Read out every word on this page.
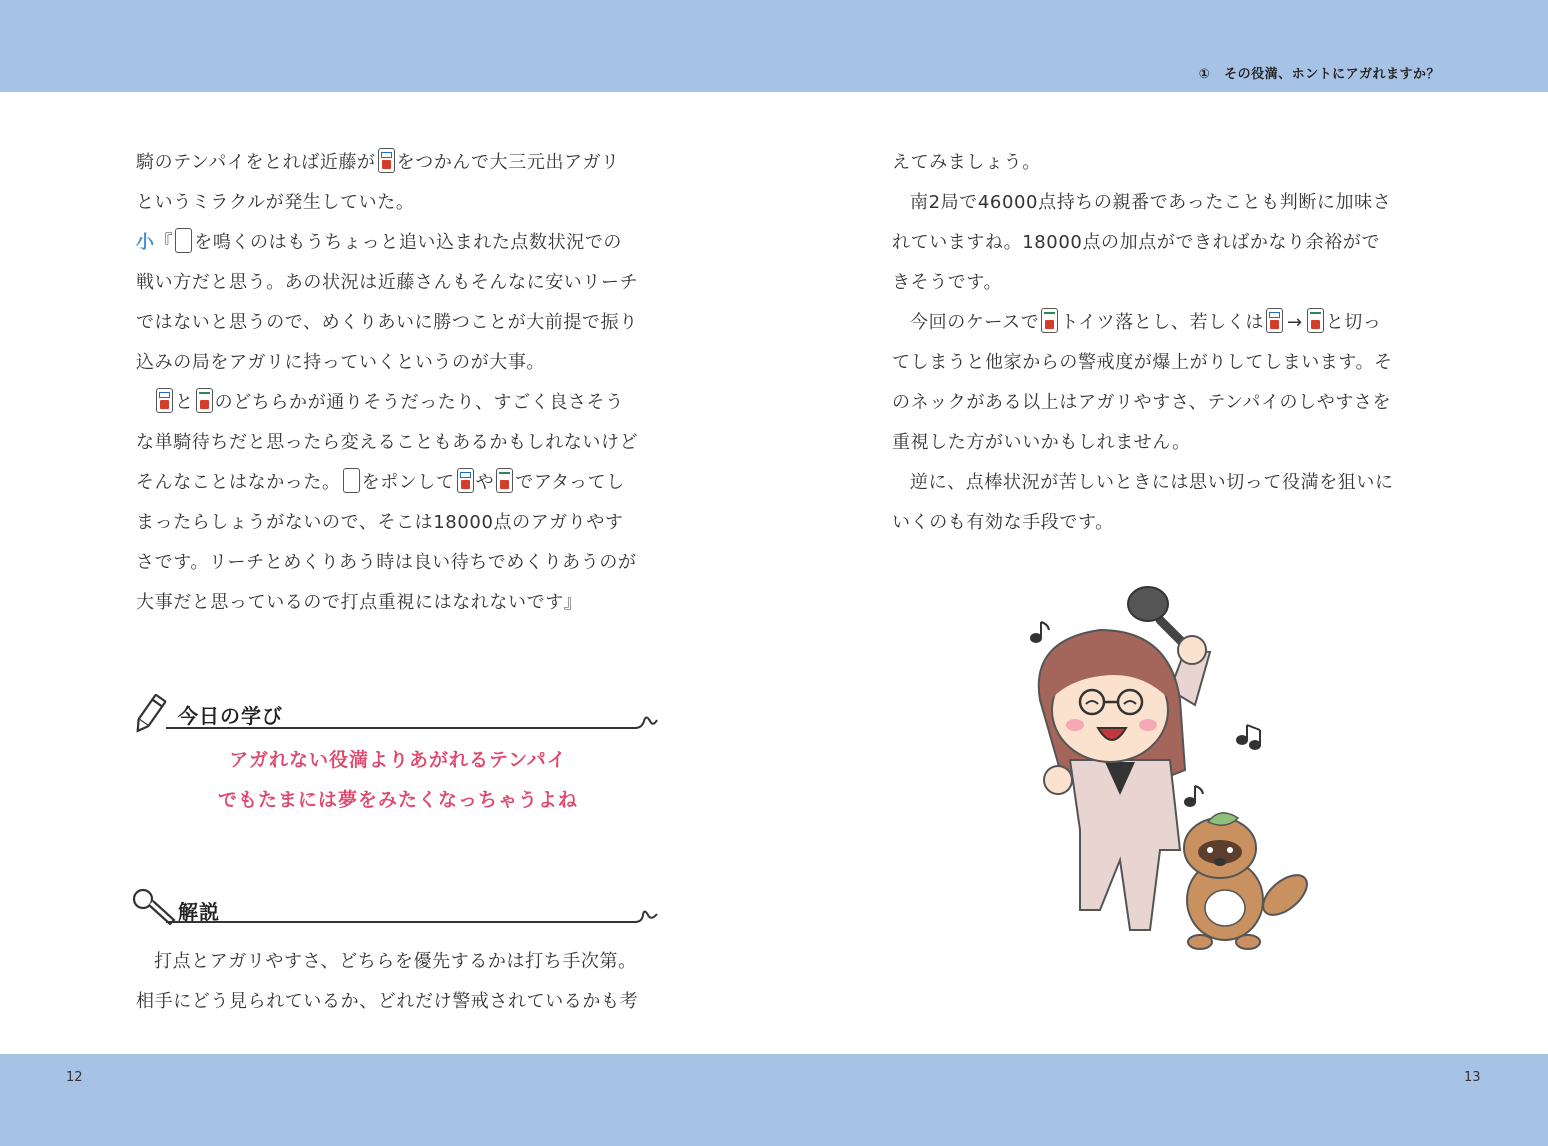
① その役満、ホントにアガれますか？
騎のテンパイをとれば近藤が をつかんで大三元出アガリ
というミラクルが発生していた。
小『 を鳴くのはもうちょっと追い込まれた点数状況での
戦い方だと思う。あの状況は近藤さんもそんなに安いリーチ
ではないと思うので、めくりあいに勝つことが大前提で振り
込みの局をアガリに持っていくというのが大事。
と のどちらかが通りそうだったり、すごく良さそう
な単騎待ちだと思ったら変えることもあるかもしれないけど
そんなことはなかった。 をポンして や でアタってし
まったらしょうがないので、そこは18000点のアガりやす
さです。リーチとめくりあう時は良い待ちでめくりあうのが
大事だと思っているので打点重視にはなれないです』
今日の学び
アガれない役満よりあがれるテンパイ
でもたまには夢をみたくなっちゃうよね
解説
打点とアガリやすさ、どちらを優先するかは打ち手次第。
相手にどう見られているか、どれだけ警戒されているかも考
えてみましょう。
南2局で46000点持ちの親番であったことも判断に加味さ
れていますね。18000点の加点ができればかなり余裕がで
きそうです。
今回のケースで トイツ落とし、若しくは → と切っ
てしまうと他家からの警戒度が爆上がりしてしまいます。そ
のネックがある以上はアガリやすさ、テンパイのしやすさを
重視した方がいいかもしれません。
逆に、点棒状況が苦しいときには思い切って役満を狙いに
いくのも有効な手段です。
12	13
